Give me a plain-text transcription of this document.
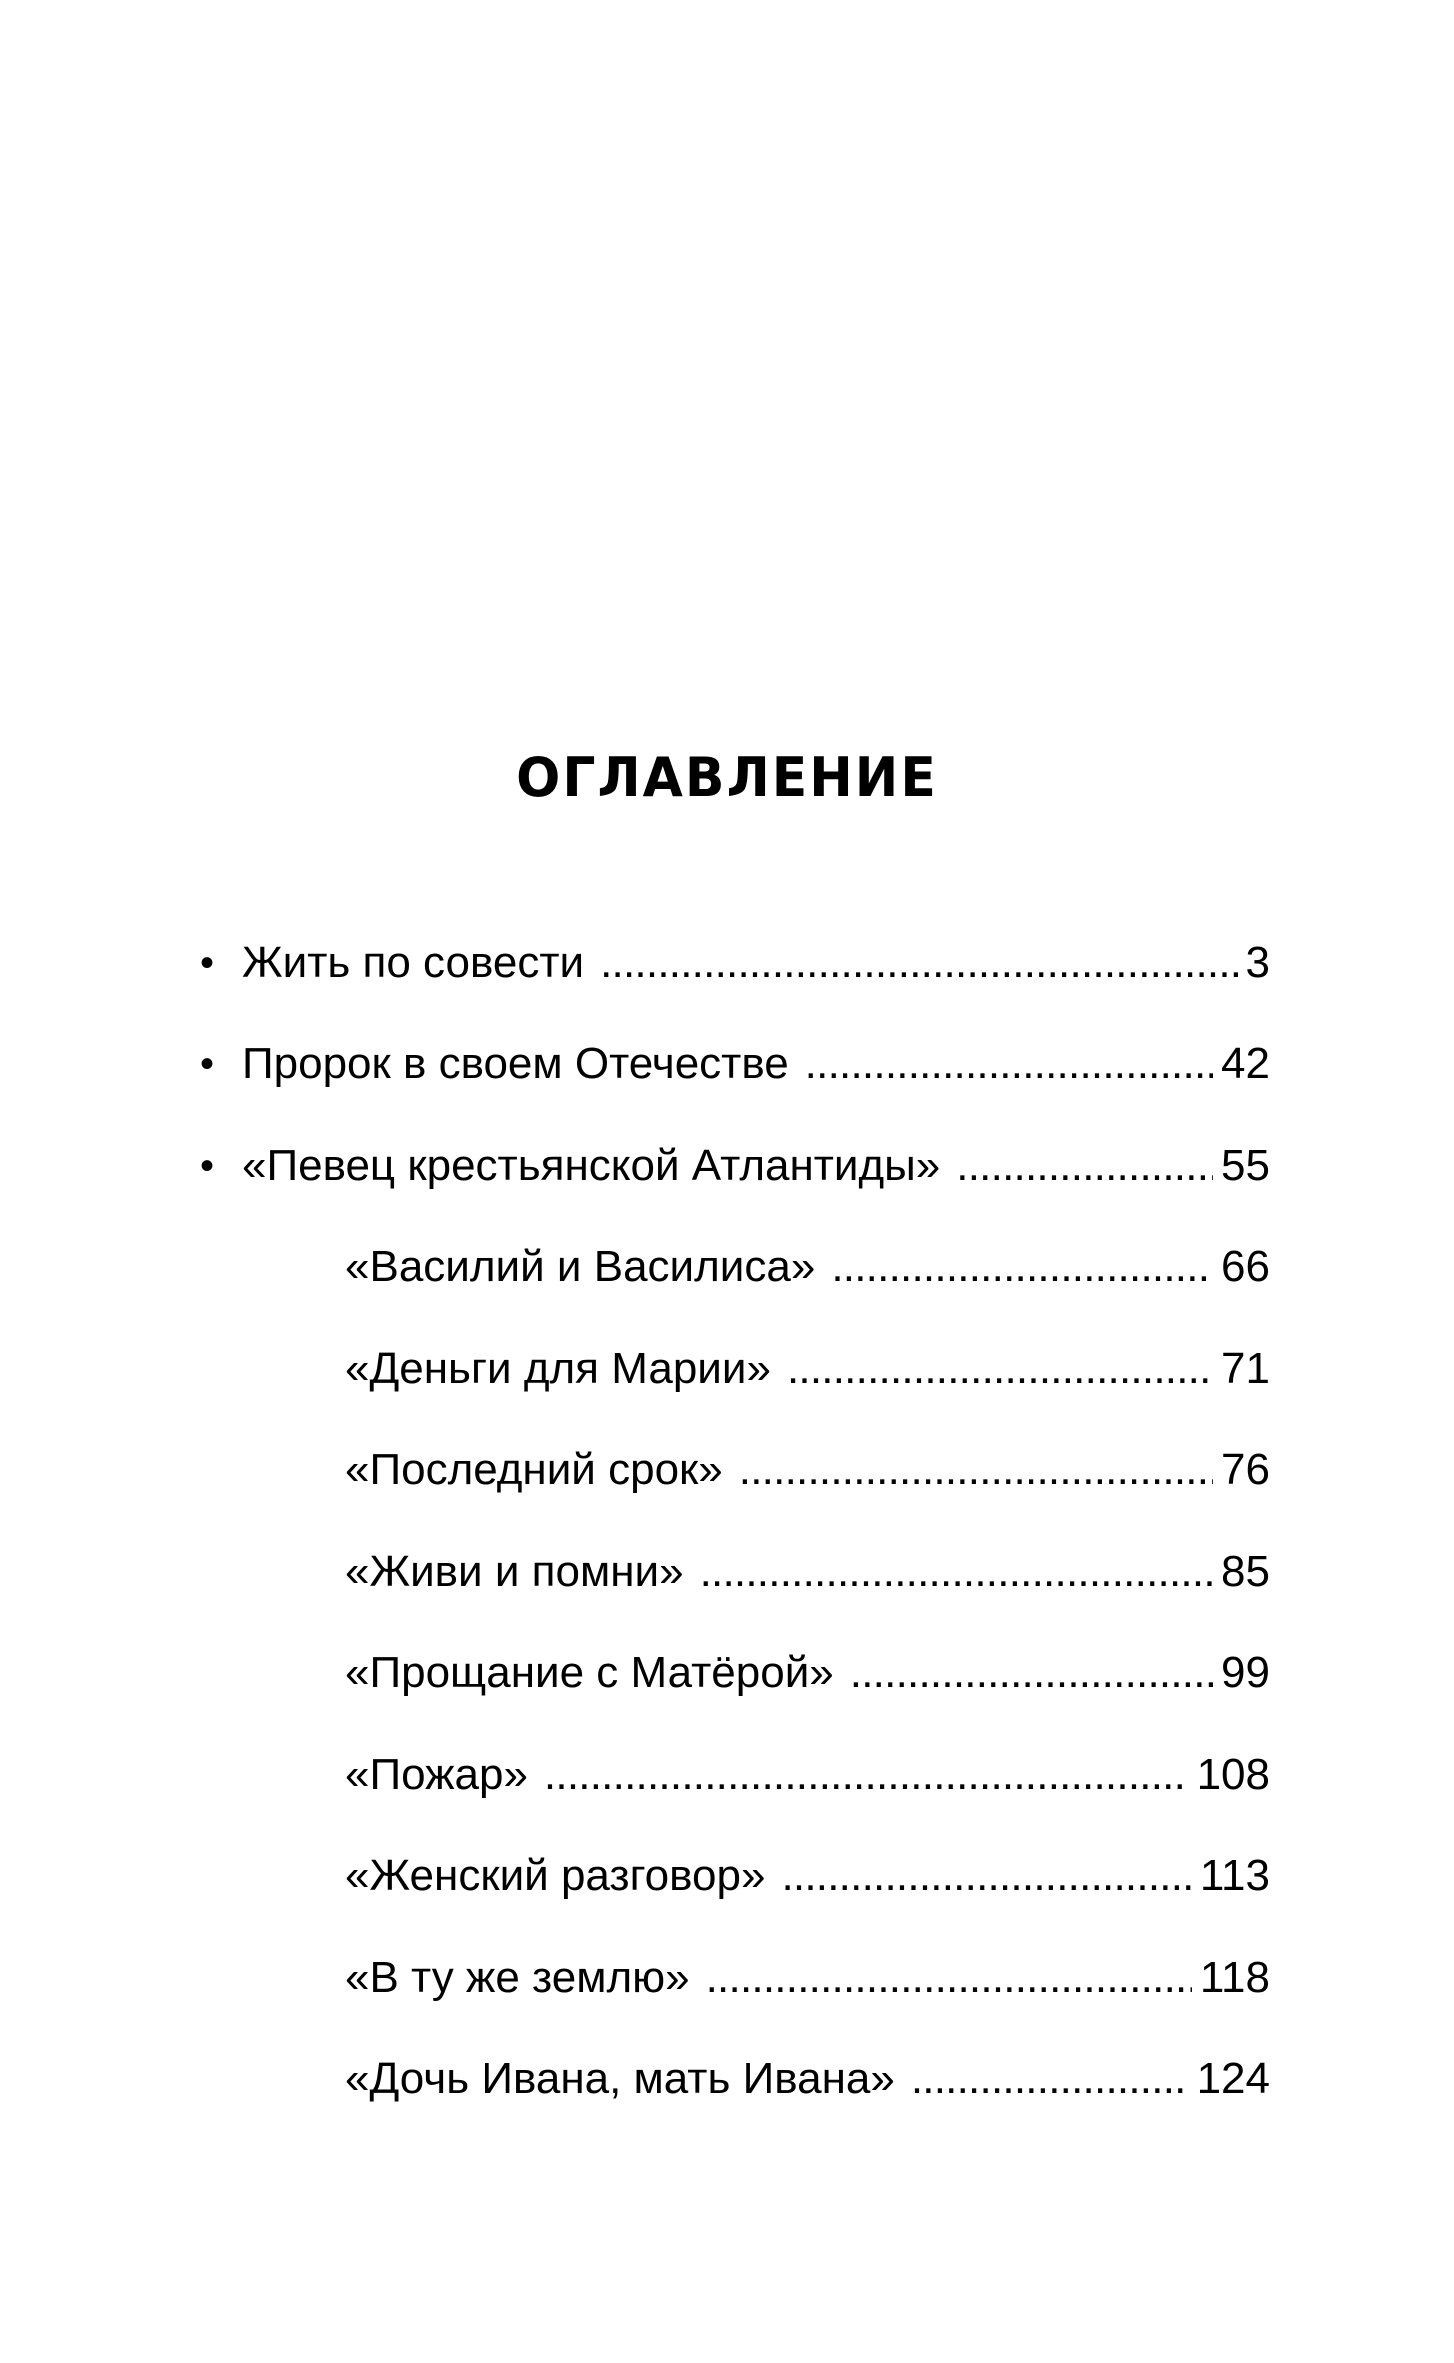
ОГЛАВЛЕНИЕ
• Жить по совести . . .	3
• Пророк в своем Отечестве . . .	42
• «Певец крестьянской Атлантиды» . . .	55
«Василий и Василиса» . . .	66
«Деньги для Марии» . . .	71
«Последний срок» . . .	76
«Живи и помни» . . .	85
«Прощание с Матёрой» . . .	99
«Пожар» . . .	108
«Женский разговор» . . .	113
«В ту же землю» . . .	118
«Дочь Ивана, мать Ивана» . . .	124
